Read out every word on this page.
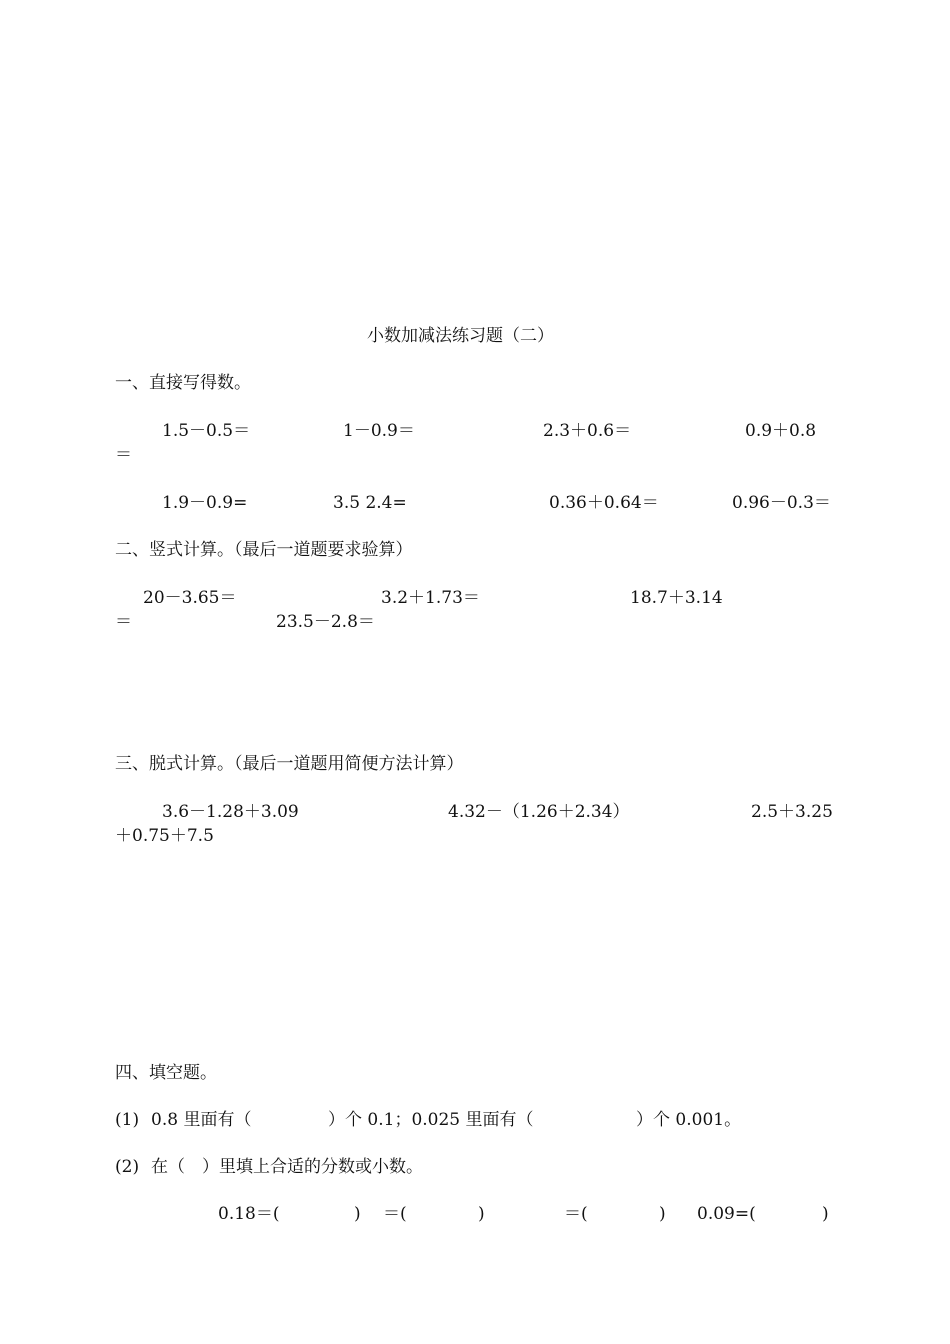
小数加减法练习题（二）
一、直接写得数。
1.5－0.5＝	1－0.9＝	2.3＋0.6＝	0.9＋0.8
＝
1.9－0.9=	3.5 2.4=	0.36＋0.64＝	0.96－0.3＝
二、竖式计算。（最后一道题要求验算）
20－3.65＝	3.2＋1.73＝	18.7＋3.14
＝	23.5－2.8＝
三、脱式计算。（最后一道题用简便方法计算）
3.6－1.28＋3.09	4.32－（1.26＋2.34）	2.5＋3.25
＋0.75＋7.5
四、填空题。
(1) 0.8 里面有（	）个 0.1；0.025 里面有（	）个 0.001。
(2) 在（　）里填上合适的分数或小数。
0.18＝(	) ＝(	)	＝(	) 0.09=(	)
